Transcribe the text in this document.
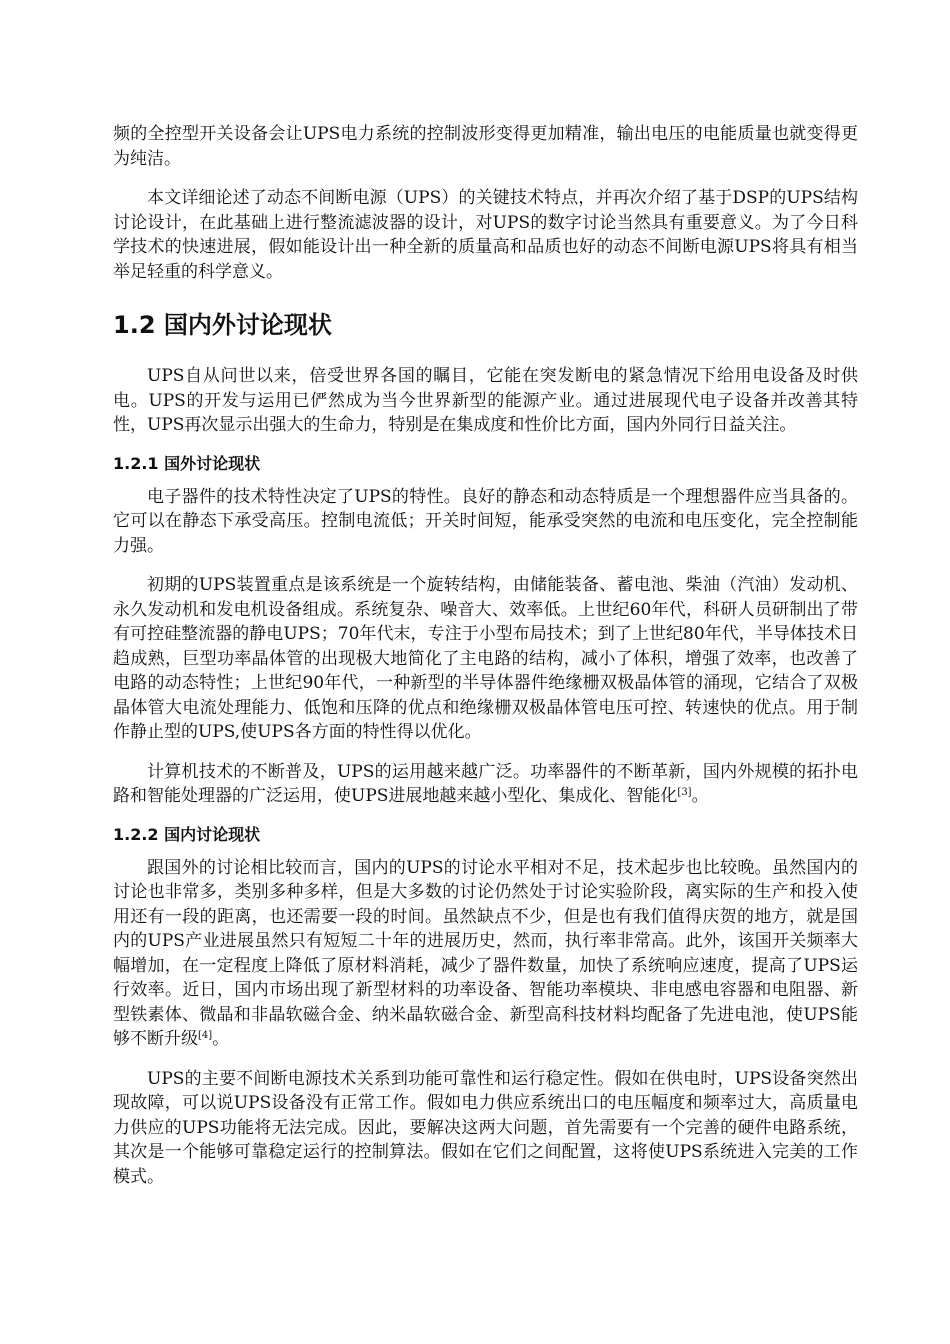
频的全控型开关设备会让UPS电力系统的控制波形变得更加精准，输出电压的电能质量也就变得更为纯洁。

本文详细论述了动态不间断电源（UPS）的关键技术特点，并再次介绍了基于DSP的UPS结构讨论设计，在此基础上进行整流滤波器的设计，对UPS的数字讨论当然具有重要意义。为了今日科学技术的快速进展，假如能设计出一种全新的质量高和品质也好的动态不间断电源UPS将具有相当举足轻重的科学意义。

1.2 国内外讨论现状

UPS自从问世以来，倍受世界各国的瞩目，它能在突发断电的紧急情况下给用电设备及时供电。UPS的开发与运用已俨然成为当今世界新型的能源产业。通过进展现代电子设备并改善其特性，UPS再次显示出强大的生命力，特别是在集成度和性价比方面，国内外同行日益关注。

1.2.1 国外讨论现状

电子器件的技术特性决定了UPS的特性。良好的静态和动态特质是一个理想器件应当具备的。它可以在静态下承受高压。控制电流低；开关时间短，能承受突然的电流和电压变化，完全控制能力强。

初期的UPS装置重点是该系统是一个旋转结构，由储能装备、蓄电池、柴油（汽油）发动机、永久发动机和发电机设备组成。系统复杂、噪音大、效率低。上世纪60年代，科研人员研制出了带有可控硅整流器的静电UPS；70年代末，专注于小型布局技术；到了上世纪80年代，半导体技术日趋成熟，巨型功率晶体管的出现极大地简化了主电路的结构，减小了体积，增强了效率，也改善了电路的动态特性；上世纪90年代，一种新型的半导体器件绝缘栅双极晶体管的涌现，它结合了双极晶体管大电流处理能力、低饱和压降的优点和绝缘栅双极晶体管电压可控、转速快的优点。用于制作静止型的UPS,使UPS各方面的特性得以优化。

计算机技术的不断普及，UPS的运用越来越广泛。功率器件的不断革新，国内外规模的拓扑电路和智能处理器的广泛运用，使UPS进展地越来越小型化、集成化、智能化[3]。

1.2.2 国内讨论现状

跟国外的讨论相比较而言，国内的UPS的讨论水平相对不足，技术起步也比较晚。虽然国内的讨论也非常多，类别多种多样，但是大多数的讨论仍然处于讨论实验阶段，离实际的生产和投入使用还有一段的距离，也还需要一段的时间。虽然缺点不少，但是也有我们值得庆贺的地方，就是国内的UPS产业进展虽然只有短短二十年的进展历史，然而，执行率非常高。此外，该国开关频率大幅增加，在一定程度上降低了原材料消耗，减少了器件数量，加快了系统响应速度，提高了UPS运行效率。近日，国内市场出现了新型材料的功率设备、智能功率模块、非电感电容器和电阻器、新型铁素体、微晶和非晶软磁合金、纳米晶软磁合金、新型高科技材料均配备了先进电池，使UPS能够不断升级[4]。

UPS的主要不间断电源技术关系到功能可靠性和运行稳定性。假如在供电时，UPS设备突然出现故障，可以说UPS设备没有正常工作。假如电力供应系统出口的电压幅度和频率过大，高质量电力供应的UPS功能将无法完成。因此，要解决这两大问题，首先需要有一个完善的硬件电路系统，其次是一个能够可靠稳定运行的控制算法。假如在它们之间配置，这将使UPS系统进入完美的工作模式。
